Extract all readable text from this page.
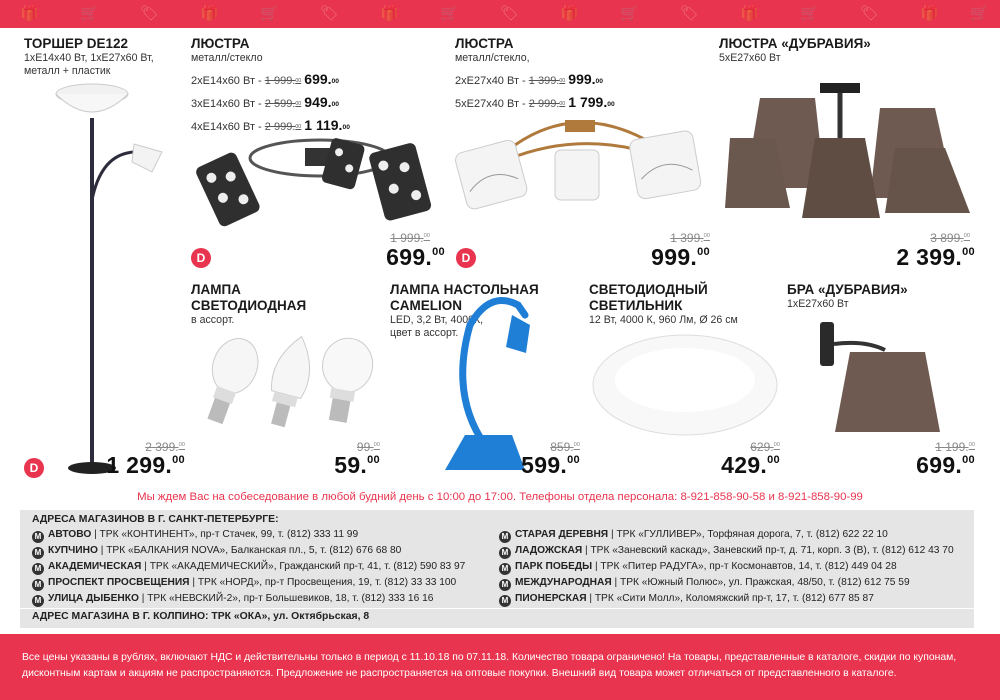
🎁	🛒	🏷	🎁	🛒	🏷	🎁	🛒	🏷	🎁	🛒	🏷	🎁	🛒	🏷	🎁 🛒
ТОРШЕР DE122
1xE14x40 Вт, 1xE27x60 Вт,
металл + пластик
2 399.00
1 299.00
D
ЛЮСТРА
металл/стекло
2xE14x60 Вт - 1 999.00 699.00
3xE14x60 Вт - 2 599.00 949.00
4xE14x60 Вт - 2 999.00 1 119.00
1 999.00
699.00
D
ЛЮСТРА
металл/стекло,
2xE27x40 Вт - 1 399.00 999.00
5xE27x40 Вт - 2 999.00 1 799.00
1 399.00
999.00
D
ЛЮСТРА «ДУБРАВИЯ»
5xE27x60 Вт
3 899.00
2 399.00
ЛАМПА
СВЕТОДИОДНАЯ
в ассорт.
99.00
59.00
ЛАМПА НАСТОЛЬНАЯ
CAMELION
LED, 3,2 Вт, 4000К,
цвет в ассорт.
859.00
599.00
СВЕТОДИОДНЫЙ
СВЕТИЛЬНИК
12 Вт, 4000 К, 960 Лм, Ø 26 см
629.00
429.00
БРА «ДУБРАВИЯ»
1xE27x60 Вт
1 199.00
699.00
Мы ждем Вас на собеседование в любой будний день с 10:00 до 17:00. Телефоны отдела персонала: 8-921-858-90-58 и 8-921-858-90-99
АДРЕСА МАГАЗИНОВ В Г. САНКТ-ПЕТЕРБУРГЕ:
M АВТОВО | ТРК «КОНТИНЕНТ», пр-т Стачек, 99, т. (812) 333 11 99
M КУПЧИНО | ТРК «БАЛКАНИЯ NOVA», Балканская пл., 5, т. (812) 676 68 80
M АКАДЕМИЧЕСКАЯ | ТРК «АКАДЕМИЧЕСКИЙ», Гражданский пр-т, 41, т. (812) 590 83 97
M ПРОСПЕКТ ПРОСВЕЩЕНИЯ | ТРК «НОРД», пр-т Просвещения, 19, т. (812) 33 33 100
M УЛИЦА ДЫБЕНКО | ТРК «НЕВСКИЙ-2», пр-т Большевиков, 18, т. (812) 333 16 16
M СТАРАЯ ДЕРЕВНЯ | ТРК «ГУЛЛИВЕР», Торфяная дорога, 7, т. (812) 622 22 10
M ЛАДОЖСКАЯ | ТРК «Заневский каскад», Заневский пр-т, д. 71, корп. 3 (В), т. (812) 612 43 70
M ПАРК ПОБЕДЫ | ТРК «Питер РАДУГА», пр-т Космонавтов, 14, т. (812) 449 04 28
M МЕЖДУНАРОДНАЯ | ТРК «Южный Полюс», ул. Пражская, 48/50, т. (812) 612 75 59
M ПИОНЕРСКАЯ | ТРК «Сити Молл», Коломяжский пр-т, 17, т. (812) 677 85 87
АДРЕС МАГАЗИНА В Г. КОЛПИНО: ТРК «ОКА», ул. Октябрьская, 8
Все цены указаны в рублях, включают НДС и действительны только в период с 11.10.18 по 07.11.18. Количество товара ограничено! На товары, представленные в каталоге, скидки по купонам, дисконтным картам и акциям не распространяются. Предложение не распространяется на оптовые покупки. Внешний вид товара может отличаться от представленного в каталоге.
